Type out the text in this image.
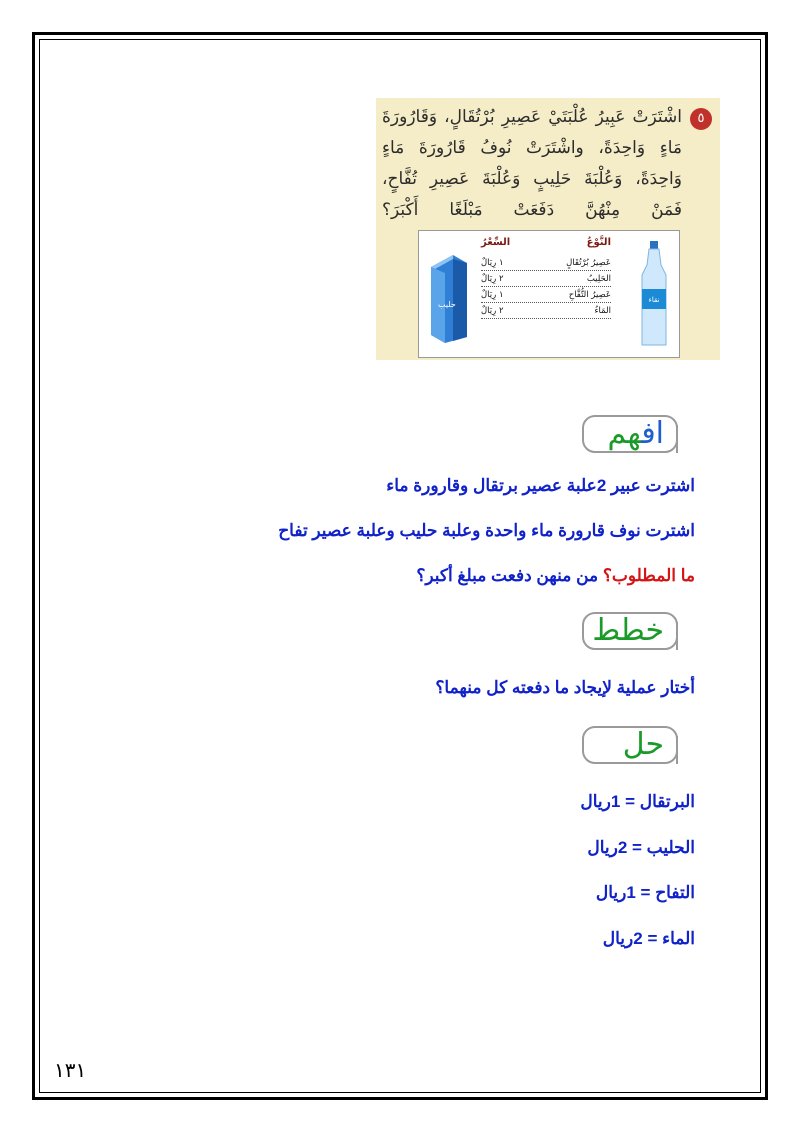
٥
اشْتَرَتْ عَبِيرُ عُلْبَتَيْ عَصِيرِ بُرْتُقَالٍ، وَقَارُورَةَ
مَاءٍ وَاحِدَةً، واشْتَرَتْ نُوفُ قَارُورَةَ مَاءٍ
وَاحِدَةً، وَعُلْبَةَ حَلِيبٍ وَعُلْبَةَ عَصِيرِ تُفَّاحٍ،
فَمَنْ مِنْهُنَّ دَفَعَتْ مَبْلَغًا أَكْبَرَ؟
حليب	نقاء
النَّوْعُ
السِّعْرُ
عَصِيرُ بُرْتُقَالٍ
١ رِيَالٌ
الحَلِيبُ
٢ رِيَالٌ
عَصِيرُ التُّفَّاحِ
١ رِيَالٌ
المَاءُ
٢ رِيَالٌ
افهم
اشترت عبير 2علبة عصير برتقال وقارورة ماء
اشترت نوف قارورة ماء واحدة وعلبة حليب وعلبة عصير تفاح
ما المطلوب؟ من منهن دفعت مبلغ أكبر؟
خطط
أختار عملية لإيجاد ما دفعته كل منهما؟
حل
البرتقال = 1ريال
الحليب = 2ريال
التفاح = 1ريال
الماء = 2ريال
١٣١
